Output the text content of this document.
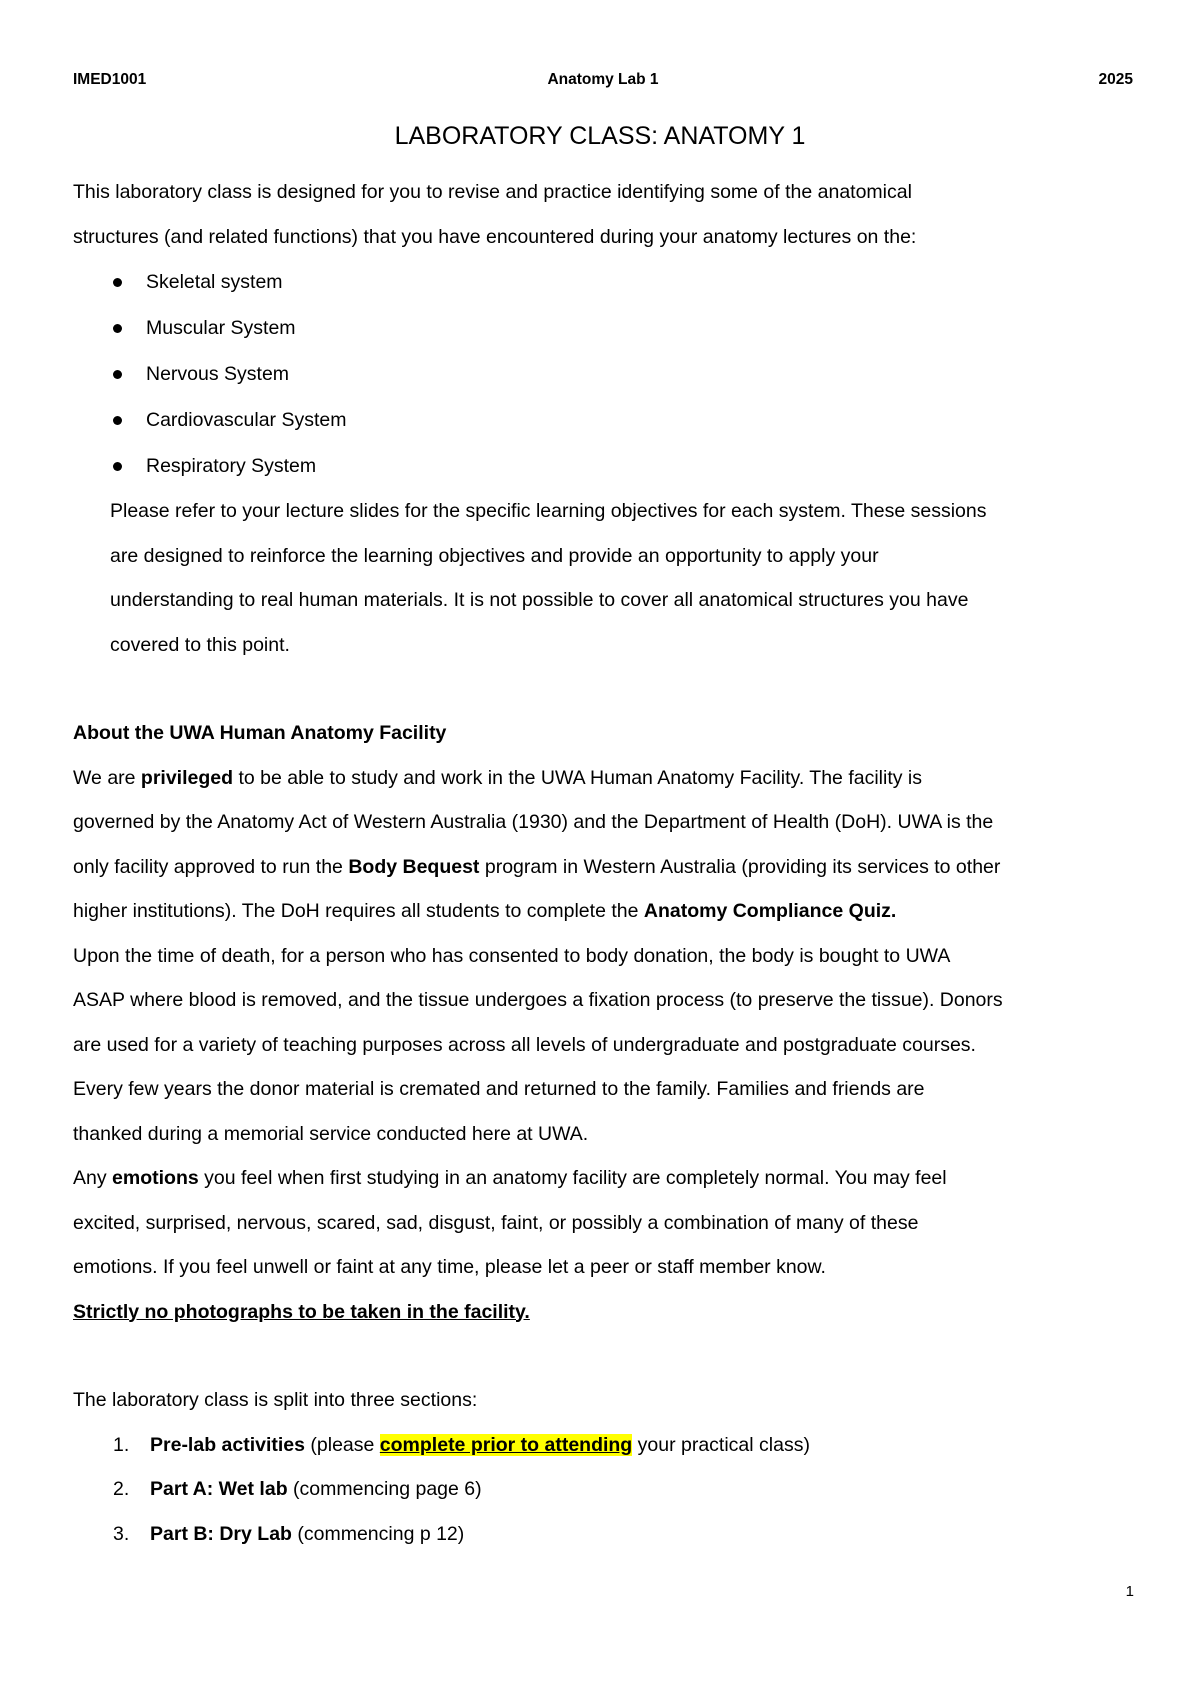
IMED1001	Anatomy Lab 1	2025
LABORATORY CLASS: ANATOMY 1
This laboratory class is designed for you to revise and practice identifying some of the anatomical
structures (and related functions) that you have encountered during your anatomy lectures on the:
Skeletal system
Muscular System
Nervous System
Cardiovascular System
Respiratory System
Please refer to your lecture slides for the specific learning objectives for each system. These sessions
are designed to reinforce the learning objectives and provide an opportunity to apply your
understanding to real human materials. It is not possible to cover all anatomical structures you have
covered to this point.
About the UWA Human Anatomy Facility
We are privileged to be able to study and work in the UWA Human Anatomy Facility. The facility is
governed by the Anatomy Act of Western Australia (1930) and the Department of Health (DoH). UWA is the
only facility approved to run the Body Bequest program in Western Australia (providing its services to other
higher institutions). The DoH requires all students to complete the Anatomy Compliance Quiz.
Upon the time of death, for a person who has consented to body donation, the body is bought to UWA
ASAP where blood is removed, and the tissue undergoes a fixation process (to preserve the tissue). Donors
are used for a variety of teaching purposes across all levels of undergraduate and postgraduate courses.
Every few years the donor material is cremated and returned to the family. Families and friends are
thanked during a memorial service conducted here at UWA.
Any emotions you feel when first studying in an anatomy facility are completely normal. You may feel
excited, surprised, nervous, scared, sad, disgust, faint, or possibly a combination of many of these
emotions. If you feel unwell or faint at any time, please let a peer or staff member know.
Strictly no photographs to be taken in the facility.
The laboratory class is split into three sections:
1. Pre-lab activities (please complete prior to attending your practical class)
2. Part A: Wet lab (commencing page 6)
3. Part B: Dry Lab (commencing p 12)
1
